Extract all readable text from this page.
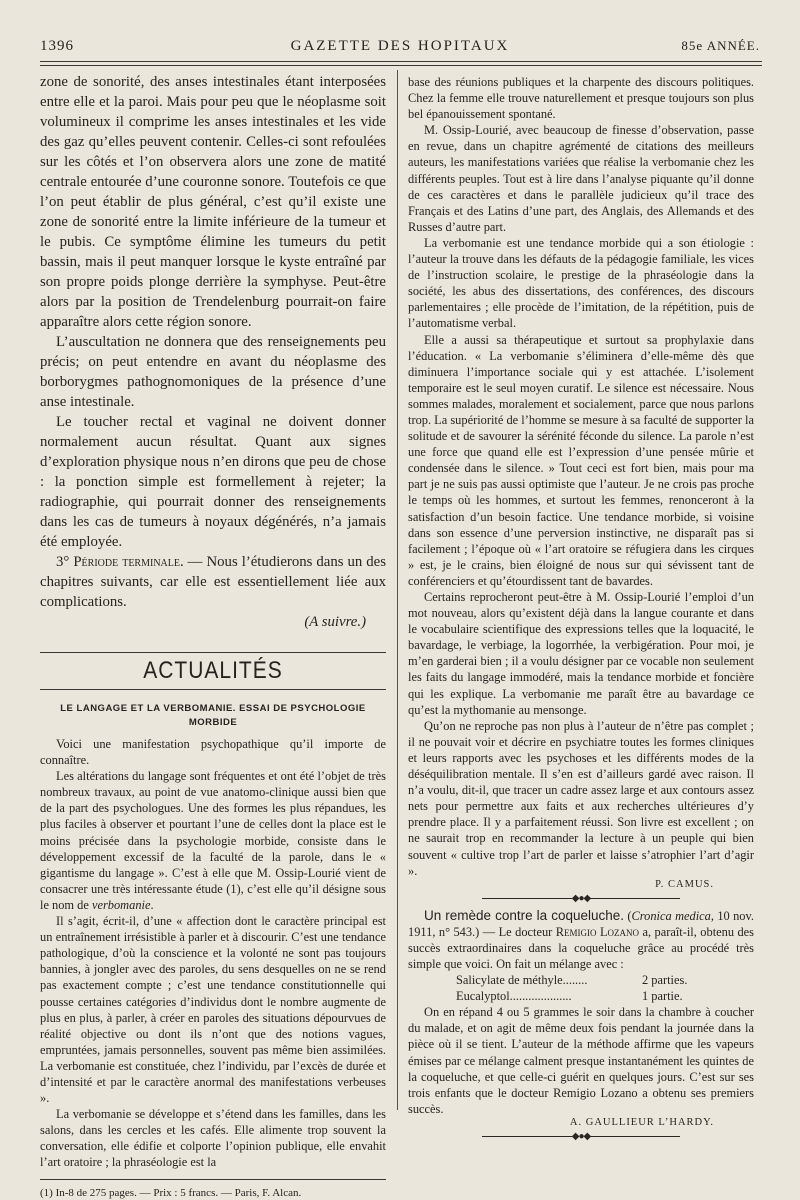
1396	GAZETTE DES HOPITAUX	85e ANNÉE.

zone de sonorité, des anses intestinales étant interposées entre elle et la paroi. Mais pour peu que le néoplasme soit volumineux il comprime les anses intestinales et les vide des gaz qu’elles peuvent contenir. Celles-ci sont refoulées sur les côtés et l’on observera alors une zone de matité centrale entourée d’une couronne sonore. Toutefois ce que l’on peut établir de plus général, c’est qu’il existe une zone de sonorité entre la limite inférieure de la tumeur et le pubis. Ce symptôme élimine les tumeurs du petit bassin, mais il peut manquer lorsque le kyste entraîné par son propre poids plonge derrière la symphyse. Peut-être alors par la position de Trendelenburg pourrait-on faire apparaître alors cette région sonore.

L’auscultation ne donnera que des renseignements peu précis; on peut entendre en avant du néoplasme des borborygmes pathognomoniques de la présence d’une anse intestinale.

Le toucher rectal et vaginal ne doivent donner normalement aucun résultat. Quant aux signes d’exploration physique nous n’en dirons que peu de chose : la ponction simple est formellement à rejeter; la radiographie, qui pourrait donner des renseignements dans les cas de tumeurs à noyaux dégénérés, n’a jamais été employée.

3° Période terminale. — Nous l’étudierons dans un des chapitres suivants, car elle est essentiellement liée aux complications.

(A suivre.)

ACTUALITÉS
LE LANGAGE ET LA VERBOMANIE. ESSAI DE PSYCHOLOGIE MORBIDE

Voici une manifestation psychopathique qu’il importe de connaître.

Les altérations du langage sont fréquentes et ont été l’objet de très nombreux travaux, au point de vue anatomo-clinique aussi bien que de la part des psychologues. Une des formes les plus répandues, les plus faciles à observer et pourtant l’une de celles dont la place est le moins précisée dans la psychologie morbide, consiste dans le développement excessif de la faculté de la parole, dans le « gigantisme du langage ». C’est à elle que M. Ossip-Lourié vient de consacrer une très intéressante étude (1), c’est elle qu’il désigne sous le nom de verbomanie.

Il s’agit, écrit-il, d’une « affection dont le caractère principal est un entraînement irrésistible à parler et à discourir. C’est une tendance pathologique, d’où la conscience et la volonté ne sont pas toujours bannies, à jongler avec des paroles, du sens desquelles on ne se rend pas exactement compte ; c’est une tendance constitutionnelle qui pousse certaines catégories d’individus dont le nombre augmente de plus en plus, à parler, à créer en paroles des situations dépourvues de réalité objective ou dont ils n’ont que des notions vagues, empruntées, jamais personnelles, souvent pas même bien assimilées. La verbomanie est constituée, chez l’individu, par l’excès de durée et d’intensité et par le caractère anormal des manifestations verbeuses ».

La verbomanie se développe et s’étend dans les familles, dans les salons, dans les cercles et les cafés. Elle alimente trop souvent la conversation, elle édifie et colporte l’opinion publique, elle envahit l’art oratoire ; la phraséologie est la

(1) In-8 de 275 pages. — Prix : 5 francs. — Paris, F. Alcan.

base des réunions publiques et la charpente des discours politiques. Chez la femme elle trouve naturellement et presque toujours son plus bel épanouissement spontané.

M. Ossip-Lourié, avec beaucoup de finesse d’observation, passe en revue, dans un chapitre agrémenté de citations des meilleurs auteurs, les manifestations variées que réalise la verbomanie chez les différents peuples. Tout est à lire dans l’analyse piquante qu’il donne de ces caractères et dans le parallèle judicieux qu’il trace des Français et des Latins d’une part, des Anglais, des Allemands et des Russes d’autre part.

La verbomanie est une tendance morbide qui a son étiologie : l’auteur la trouve dans les défauts de la pédagogie familiale, les vices de l’instruction scolaire, le prestige de la phraséologie dans la société, les abus des dissertations, des conférences, des discours parlementaires ; elle procède de l’imitation, de la répétition, puis de l’automatisme verbal.

Elle a aussi sa thérapeutique et surtout sa prophylaxie dans l’éducation. « La verbomanie s’éliminera d’elle-même dès que diminuera l’importance sociale qui y est attachée. L’isolement temporaire est le seul moyen curatif. Le silence est nécessaire. Nous sommes malades, moralement et socialement, parce que nous parlons trop. La supériorité de l’homme se mesure à sa faculté de supporter la solitude et de savourer la sérénité féconde du silence. La parole n’est une force que quand elle est l’expression d’une pensée mûrie et condensée dans le silence. » Tout ceci est fort bien, mais pour ma part je ne suis pas aussi optimiste que l’auteur. Je ne crois pas proche le temps où les hommes, et surtout les femmes, renonceront à la satisfaction d’un besoin factice. Une tendance morbide, si voisine dans son essence d’une perversion instinctive, ne disparaît pas si facilement ; l’époque où « l’art oratoire se réfugiera dans les cirques » est, je le crains, bien éloigné de nous sur qui sévissent tant de conférenciers et qu’étourdissent tant de bavardes.

Certains reprocheront peut-être à M. Ossip-Lourié l’emploi d’un mot nouveau, alors qu’existent déjà dans la langue courante et dans le vocabulaire scientifique des expressions telles que la loquacité, le bavardage, le verbiage, la logorrhée, la verbigération. Pour moi, je m’en garderai bien ; il a voulu désigner par ce vocable non seulement les faits du langage immodéré, mais la tendance morbide et foncière qui les explique. La verbomanie me paraît être au bavardage ce qu’est la mythomanie au mensonge.

Qu’on ne reproche pas non plus à l’auteur de n’être pas complet ; il ne pouvait voir et décrire en psychiatre toutes les formes cliniques et leurs rapports avec les psychoses et les différents modes de la déséquilibration mentale. Il s’en est d’ailleurs gardé avec raison. Il n’a voulu, dit-il, que tracer un cadre assez large et aux contours assez nets pour permettre aux faits et aux recherches ultérieures d’y prendre place. Il y a parfaitement réussi. Son livre est excellent ; on ne saurait trop en recommander la lecture à un peuple qui bien souvent « cultive trop l’art de parler et laisse s’atrophier l’art d’agir ».

P. CAMUS.

◆●◆

Un remède contre la coqueluche. (Cronica medica, 10 nov. 1911, n° 543.) — Le docteur Remigio Lozano a, paraît-il, obtenu des succès extraordinaires dans la coqueluche grâce au procédé très simple que voici. On fait un mélange avec :

Salicylate de méthyle........	2 parties.
Eucalyptol....................	1 partie.

On en répand 4 ou 5 grammes le soir dans la chambre à coucher du malade, et on agit de même deux fois pendant la journée dans la pièce où il se tient. L’auteur de la méthode affirme que les vapeurs émises par ce mélange calment presque instantanément les quintes de la coqueluche, et que celle-ci guérit en quelques jours. C’est sur ses trois enfants que le docteur Remigio Lozano a obtenu ses premiers succès.

A. GAULLIEUR L’HARDY.

◆●◆
